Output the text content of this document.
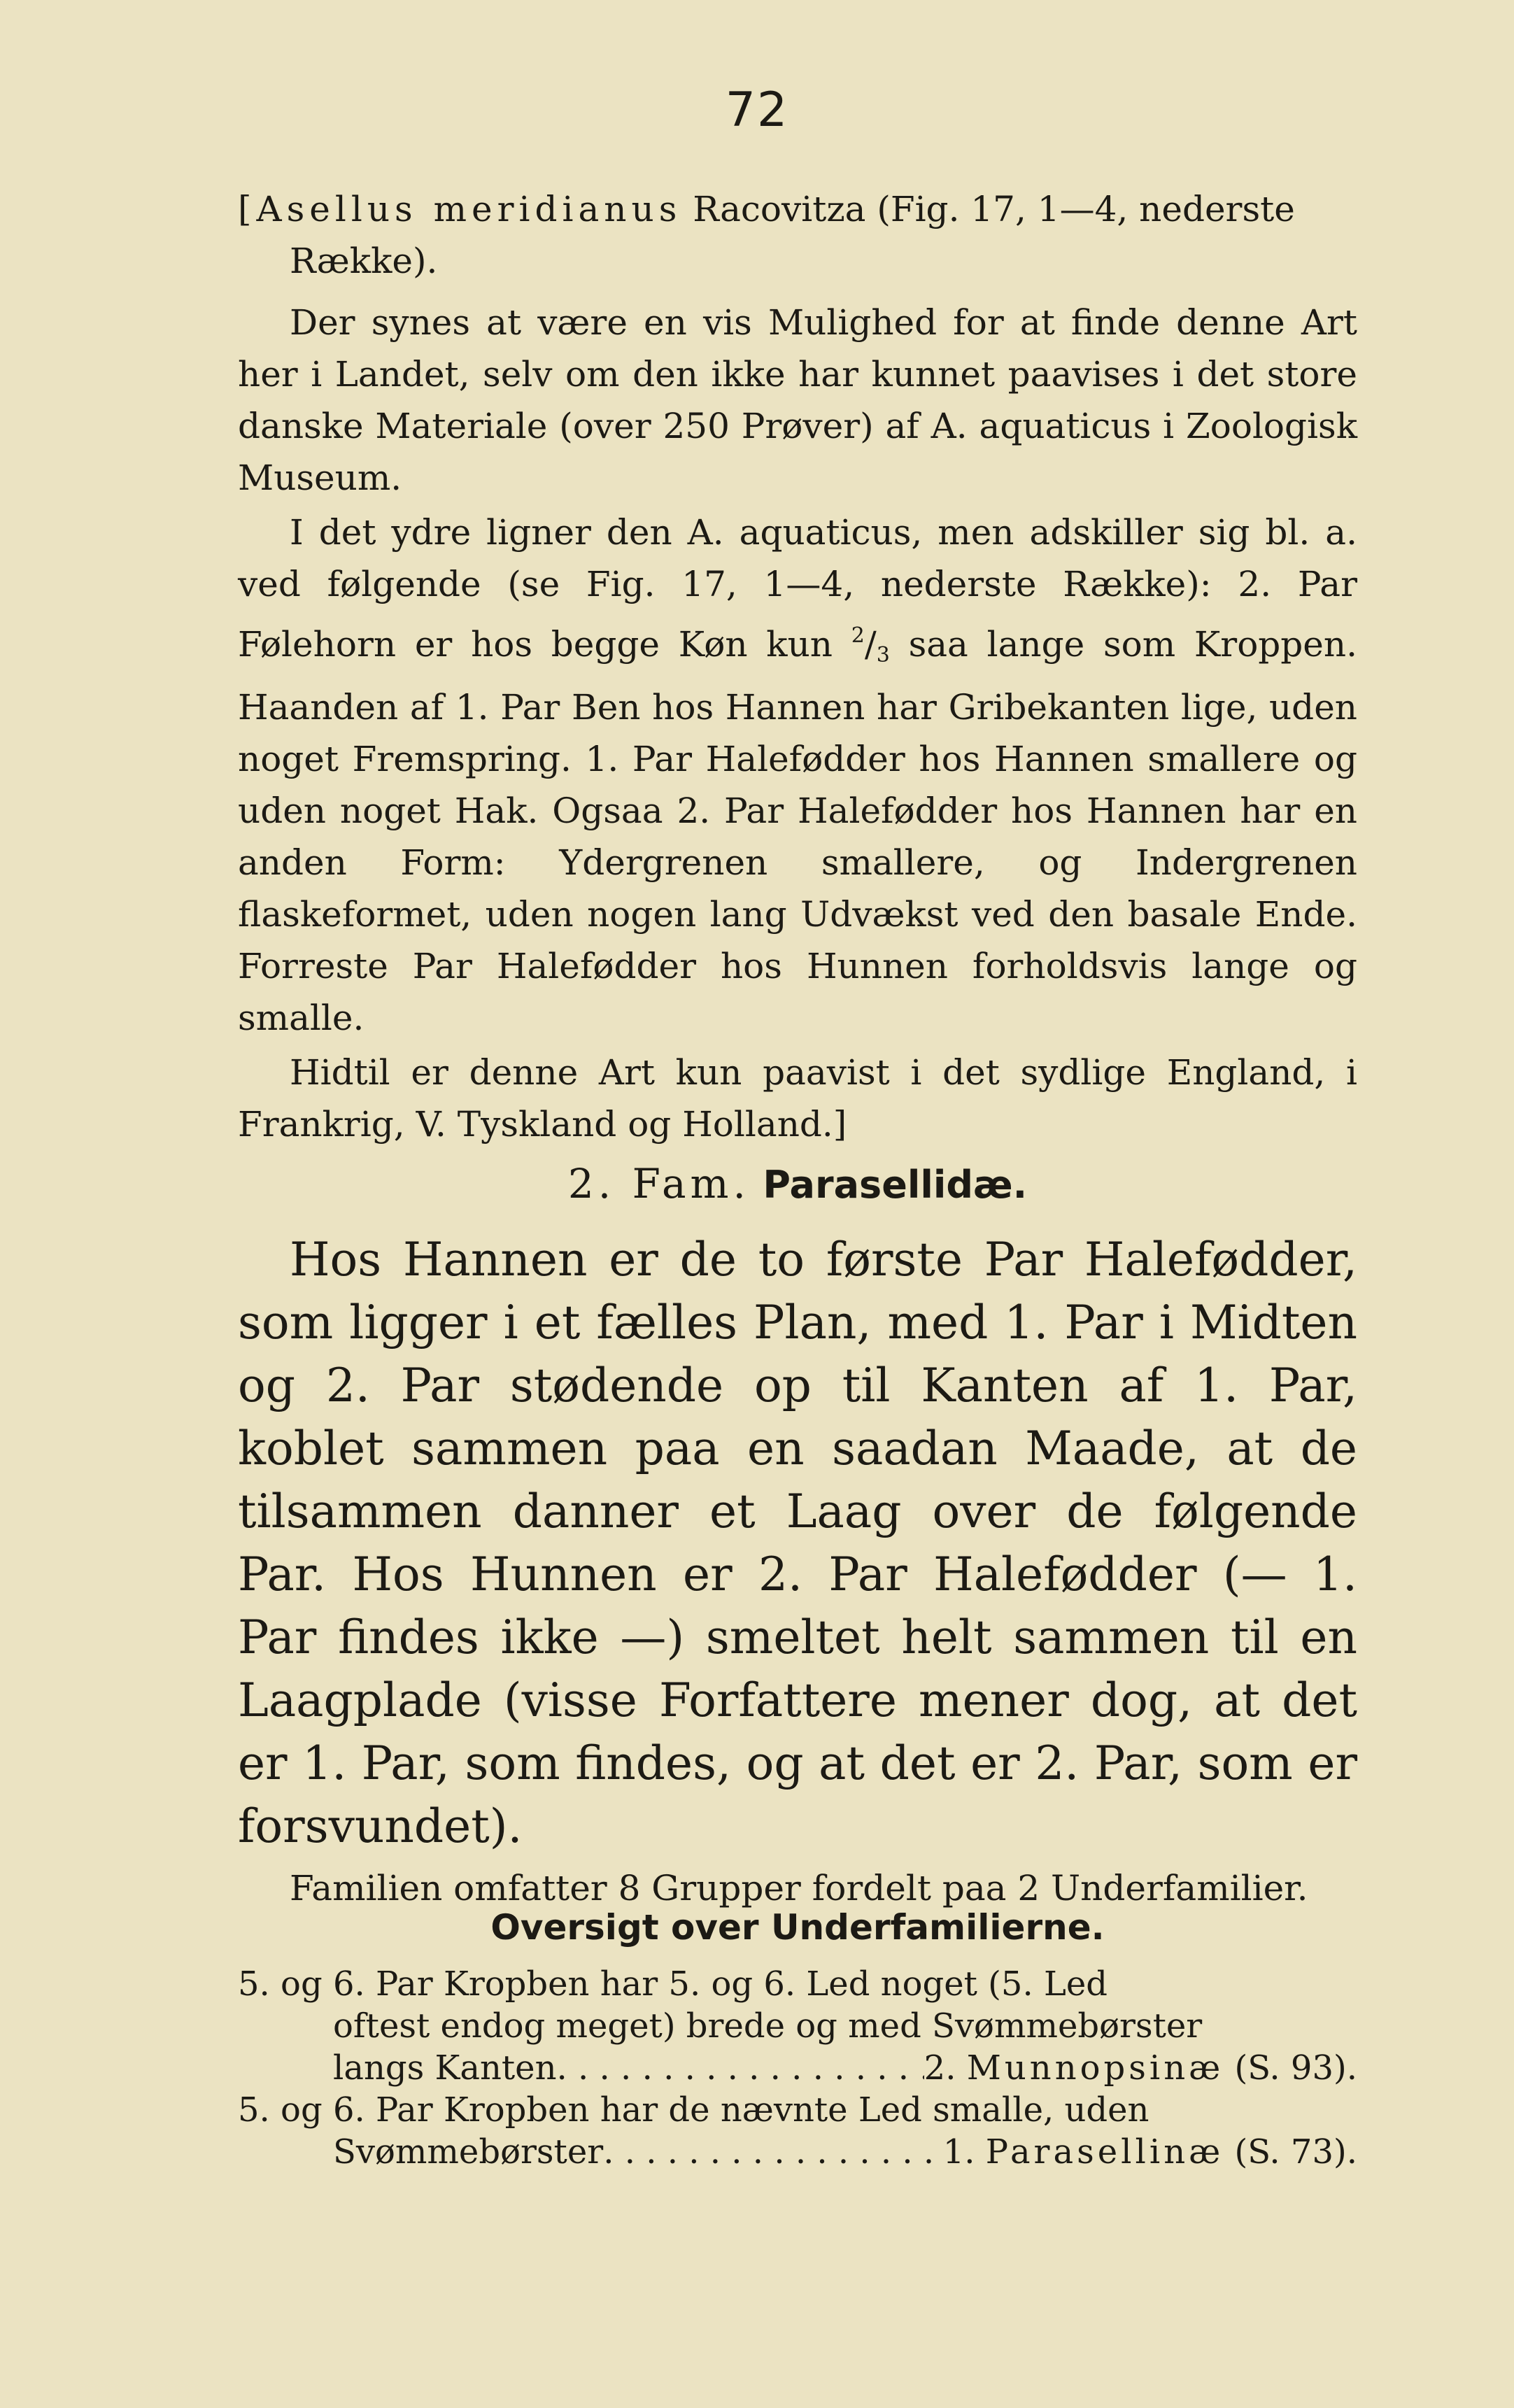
72

[Asellus meridianus Racovitza (Fig. 17, 1—4, nederste Række).

Der synes at være en vis Mulighed for at finde denne Art her i Landet, selv om den ikke har kunnet paavises i det store danske Materiale (over 250 Prøver) af A. aquaticus i Zoologisk Museum.

I det ydre ligner den A. aquaticus, men adskiller sig bl. a. ved følgende (se Fig. 17, 1—4, nederste Række): 2. Par Følehorn er hos begge Køn kun $^2/_3$ saa lange som Kroppen. Haanden af 1. Par Ben hos Hannen har Gribekanten lige, uden noget Fremspring. 1. Par Halefødder hos Hannen smallere og uden noget Hak. Ogsaa 2. Par Halefødder hos Hannen har en anden Form: Ydergrenen smallere, og Indergrenen flaskeformet, uden nogen lang Udvækst ved den basale Ende. Forreste Par Halefødder hos Hunnen forholdsvis lange og smalle.

Hidtil er denne Art kun paavist i det sydlige England, i Frankrig, V. Tyskland og Holland.]

2. Fam. Parasellidæ.

Hos Hannen er de to første Par Halefødder, som ligger i et fælles Plan, med 1. Par i Midten og 2. Par stødende op til Kanten af 1. Par, koblet sammen paa en saadan Maade, at de tilsammen danner et Laag over de følgende Par. Hos Hunnen er 2. Par Halefødder (— 1. Par findes ikke —) smeltet helt sammen til en Laagplade (visse Forfattere mener dog, at det er 1. Par, som findes, og at det er 2. Par, som er forsvundet).

Familien omfatter 8 Grupper fordelt paa 2 Underfamilier.

Oversigt over Underfamilierne.

5. og 6. Par Kropben har 5. og 6. Led noget (5. Led
oftest endog meget) brede og med Svømmebørster
langs Kanten . . .	2. Munnopsinæ (S. 93).
5. og 6. Par Kropben har de nævnte Led smalle, uden
Svømmebørster . . .	1. Parasellinæ (S. 73).
